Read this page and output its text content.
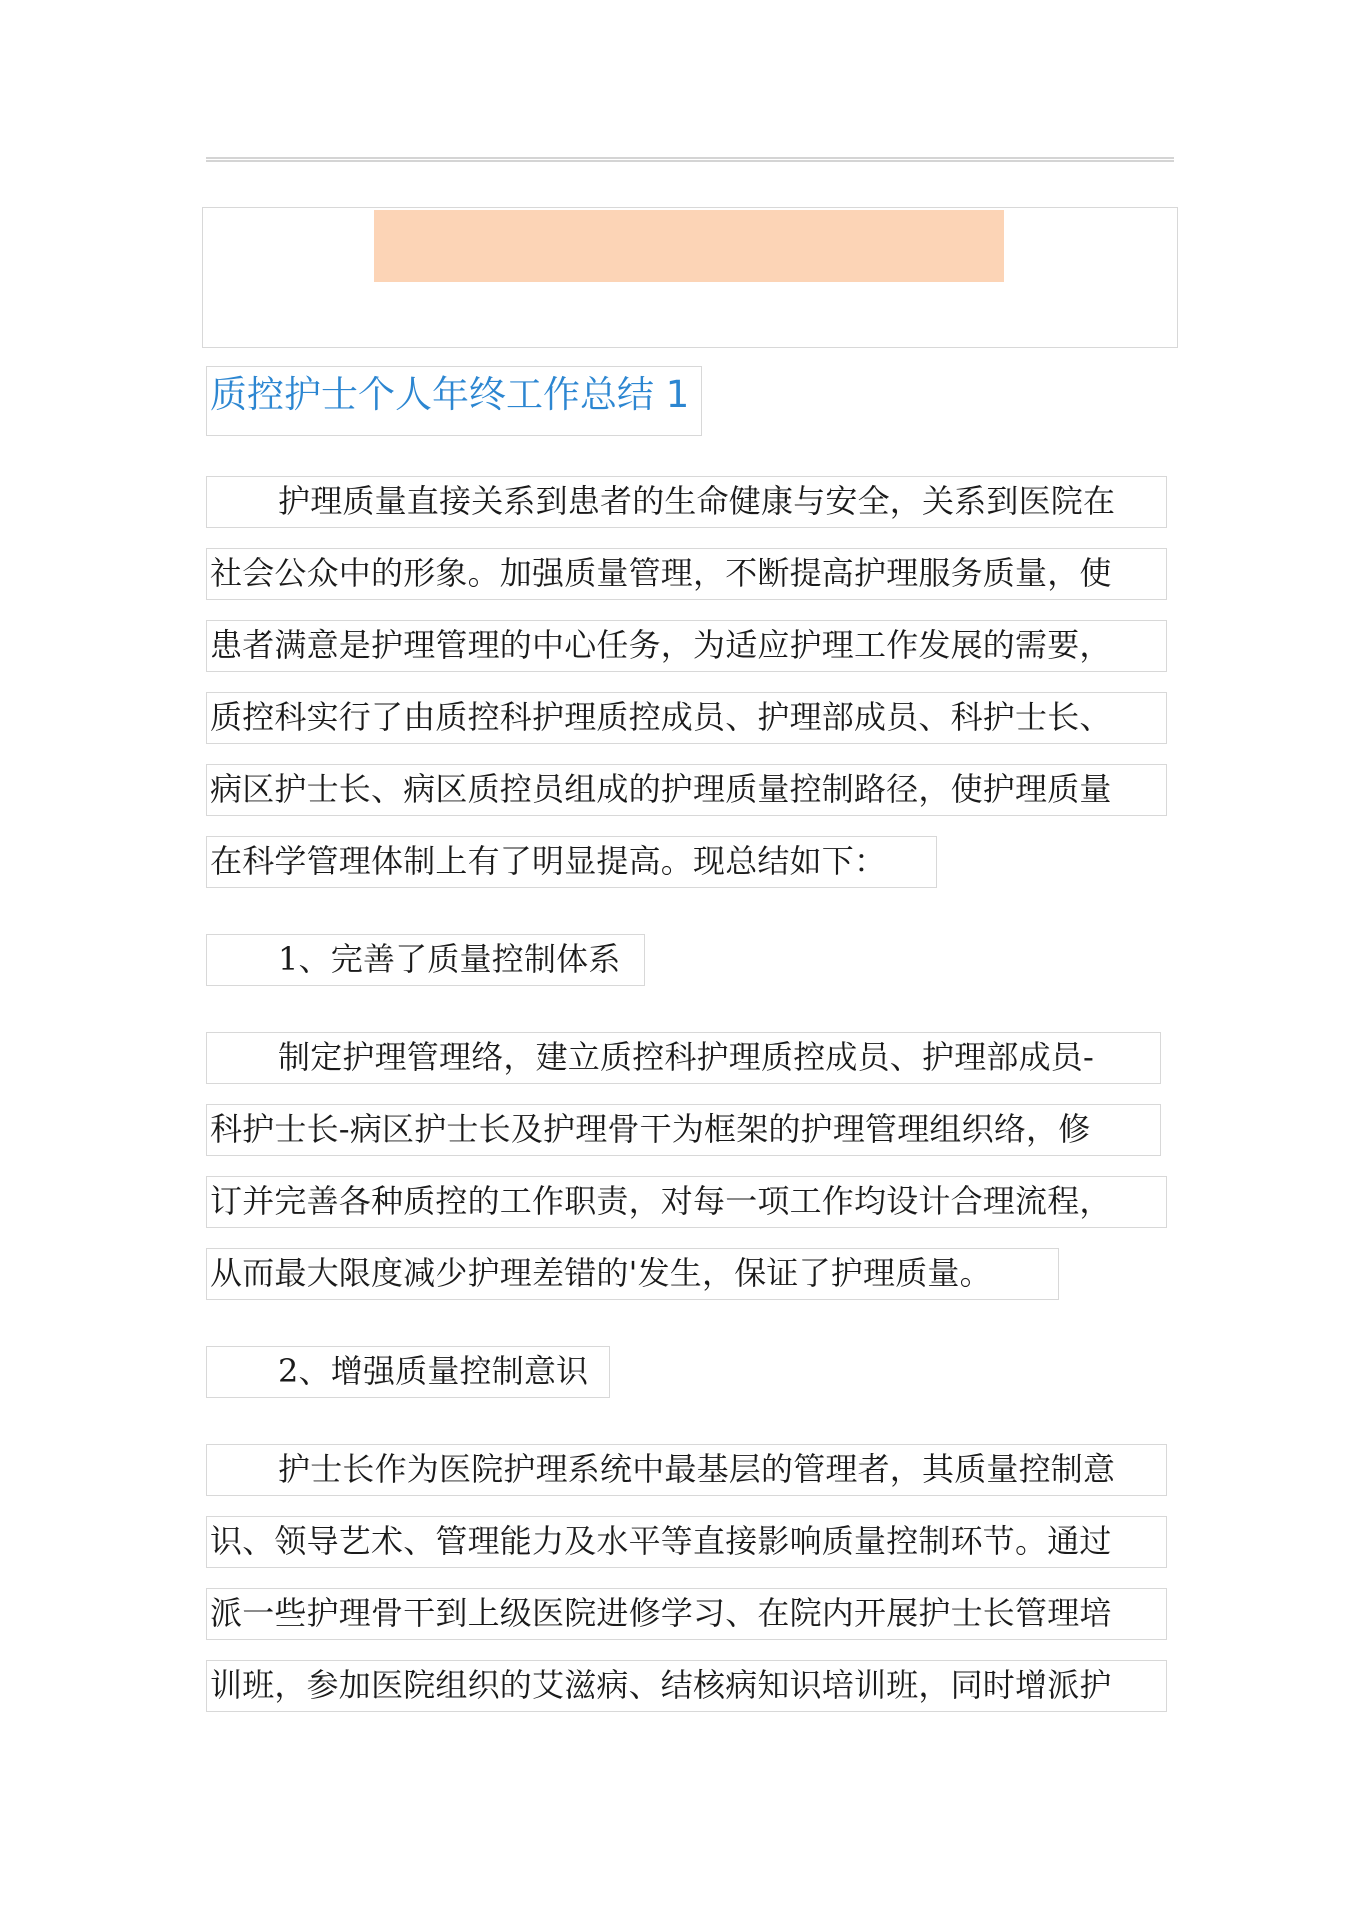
质控护士个人年终工作总结 1
护理质量直接关系到患者的生命健康与安全，关系到医院在
社会公众中的形象。加强质量管理，不断提高护理服务质量，使
患者满意是护理管理的中心任务，为适应护理工作发展的需要，
质控科实行了由质控科护理质控成员、护理部成员、科护士长、
病区护士长、病区质控员组成的护理质量控制路径，使护理质量
在科学管理体制上有了明显提高。现总结如下：
1、完善了质量控制体系
制定护理管理络，建立质控科护理质控成员、护理部成员-
科护士长-病区护士长及护理骨干为框架的护理管理组织络，修
订并完善各种质控的工作职责，对每一项工作均设计合理流程，
从而最大限度减少护理差错的'发生，保证了护理质量。
2、增强质量控制意识
护士长作为医院护理系统中最基层的管理者，其质量控制意
识、领导艺术、管理能力及水平等直接影响质量控制环节。通过
派一些护理骨干到上级医院进修学习、在院内开展护士长管理培
训班，参加医院组织的艾滋病、结核病知识培训班，同时增派护
